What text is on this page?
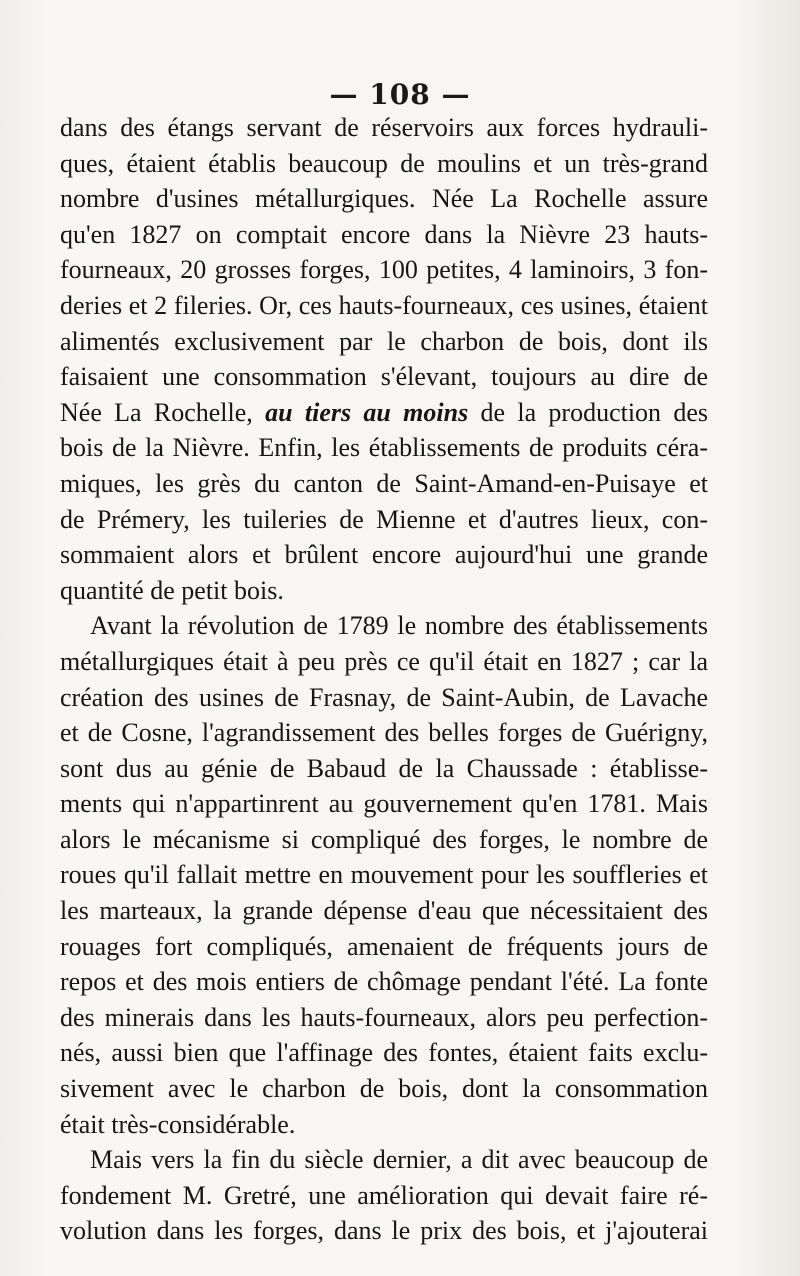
— 108 —
dans des étangs servant de réservoirs aux forces hydrauli-
ques, étaient établis beaucoup de moulins et un très-grand
nombre d'usines métallurgiques. Née La Rochelle assure
qu'en 1827 on comptait encore dans la Nièvre 23 hauts-
fourneaux, 20 grosses forges, 100 petites, 4 laminoirs, 3 fon-
deries et 2 fileries. Or, ces hauts-fourneaux, ces usines, étaient
alimentés exclusivement par le charbon de bois, dont ils
faisaient une consommation s'élevant, toujours au dire de
Née La Rochelle, au tiers au moins de la production des
bois de la Nièvre. Enfin, les établissements de produits céra-
miques, les grès du canton de Saint-Amand-en-Puisaye et
de Prémery, les tuileries de Mienne et d'autres lieux, con-
sommaient alors et brûlent encore aujourd'hui une grande
quantité de petit bois.
Avant la révolution de 1789 le nombre des établissements
métallurgiques était à peu près ce qu'il était en 1827 ; car la
création des usines de Frasnay, de Saint-Aubin, de Lavache
et de Cosne, l'agrandissement des belles forges de Guérigny,
sont dus au génie de Babaud de la Chaussade : établisse-
ments qui n'appartinrent au gouvernement qu'en 1781. Mais
alors le mécanisme si compliqué des forges, le nombre de
roues qu'il fallait mettre en mouvement pour les souffleries et
les marteaux, la grande dépense d'eau que nécessitaient des
rouages fort compliqués, amenaient de fréquents jours de
repos et des mois entiers de chômage pendant l'été. La fonte
des minerais dans les hauts-fourneaux, alors peu perfection-
nés, aussi bien que l'affinage des fontes, étaient faits exclu-
sivement avec le charbon de bois, dont la consommation
était très-considérable.
Mais vers la fin du siècle dernier, a dit avec beaucoup de
fondement M. Gretré, une amélioration qui devait faire ré-
volution dans les forges, dans le prix des bois, et j'ajouterai
